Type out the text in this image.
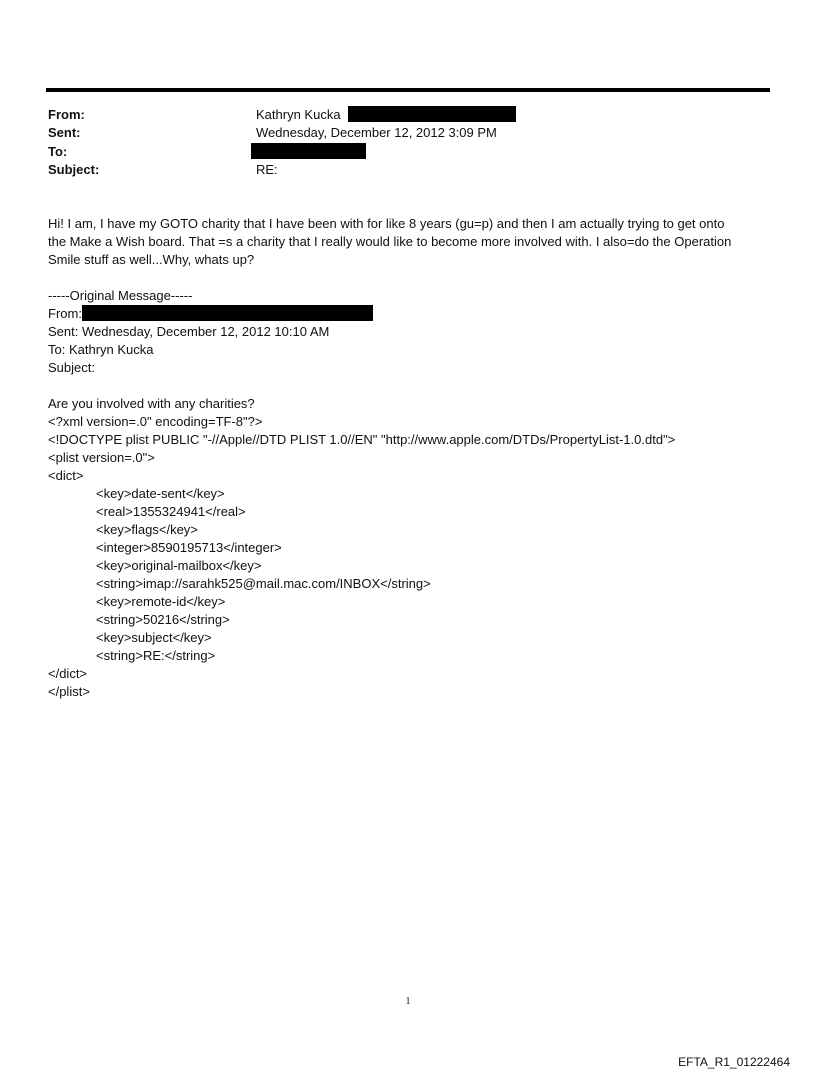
From:	Kathryn Kucka
Sent:	Wednesday, December 12, 2012 3:09 PM
To:
Subject:	RE:
Hi! I am, I have my GOTO charity that I have been with for like 8 years (gu=p) and then I am actually trying to get onto
the Make a Wish board. That =s a charity that I really would like to become more involved with. I also=do the Operation
Smile stuff as well...Why, whats up?
-----Original Message-----
From:
Sent: Wednesday, December 12, 2012 10:10 AM
To: Kathryn Kucka
Subject:
Are you involved with any charities?
<?xml version=.0" encoding=TF-8"?>
<!DOCTYPE plist PUBLIC "-//Apple//DTD PLIST 1.0//EN" "http://www.apple.com/DTDs/PropertyList-1.0.dtd">
<plist version=.0">
<dict>
<key>date-sent</key>
<real>1355324941</real>
<key>flags</key>
<integer>8590195713</integer>
<key>original-mailbox</key>
<string>imap://sarahk525@mail.mac.com/INBOX</string>
<key>remote-id</key>
<string>50216</string>
<key>subject</key>
<string>RE:</string>
</dict>
</plist>
1
EFTA_R1_01222464
